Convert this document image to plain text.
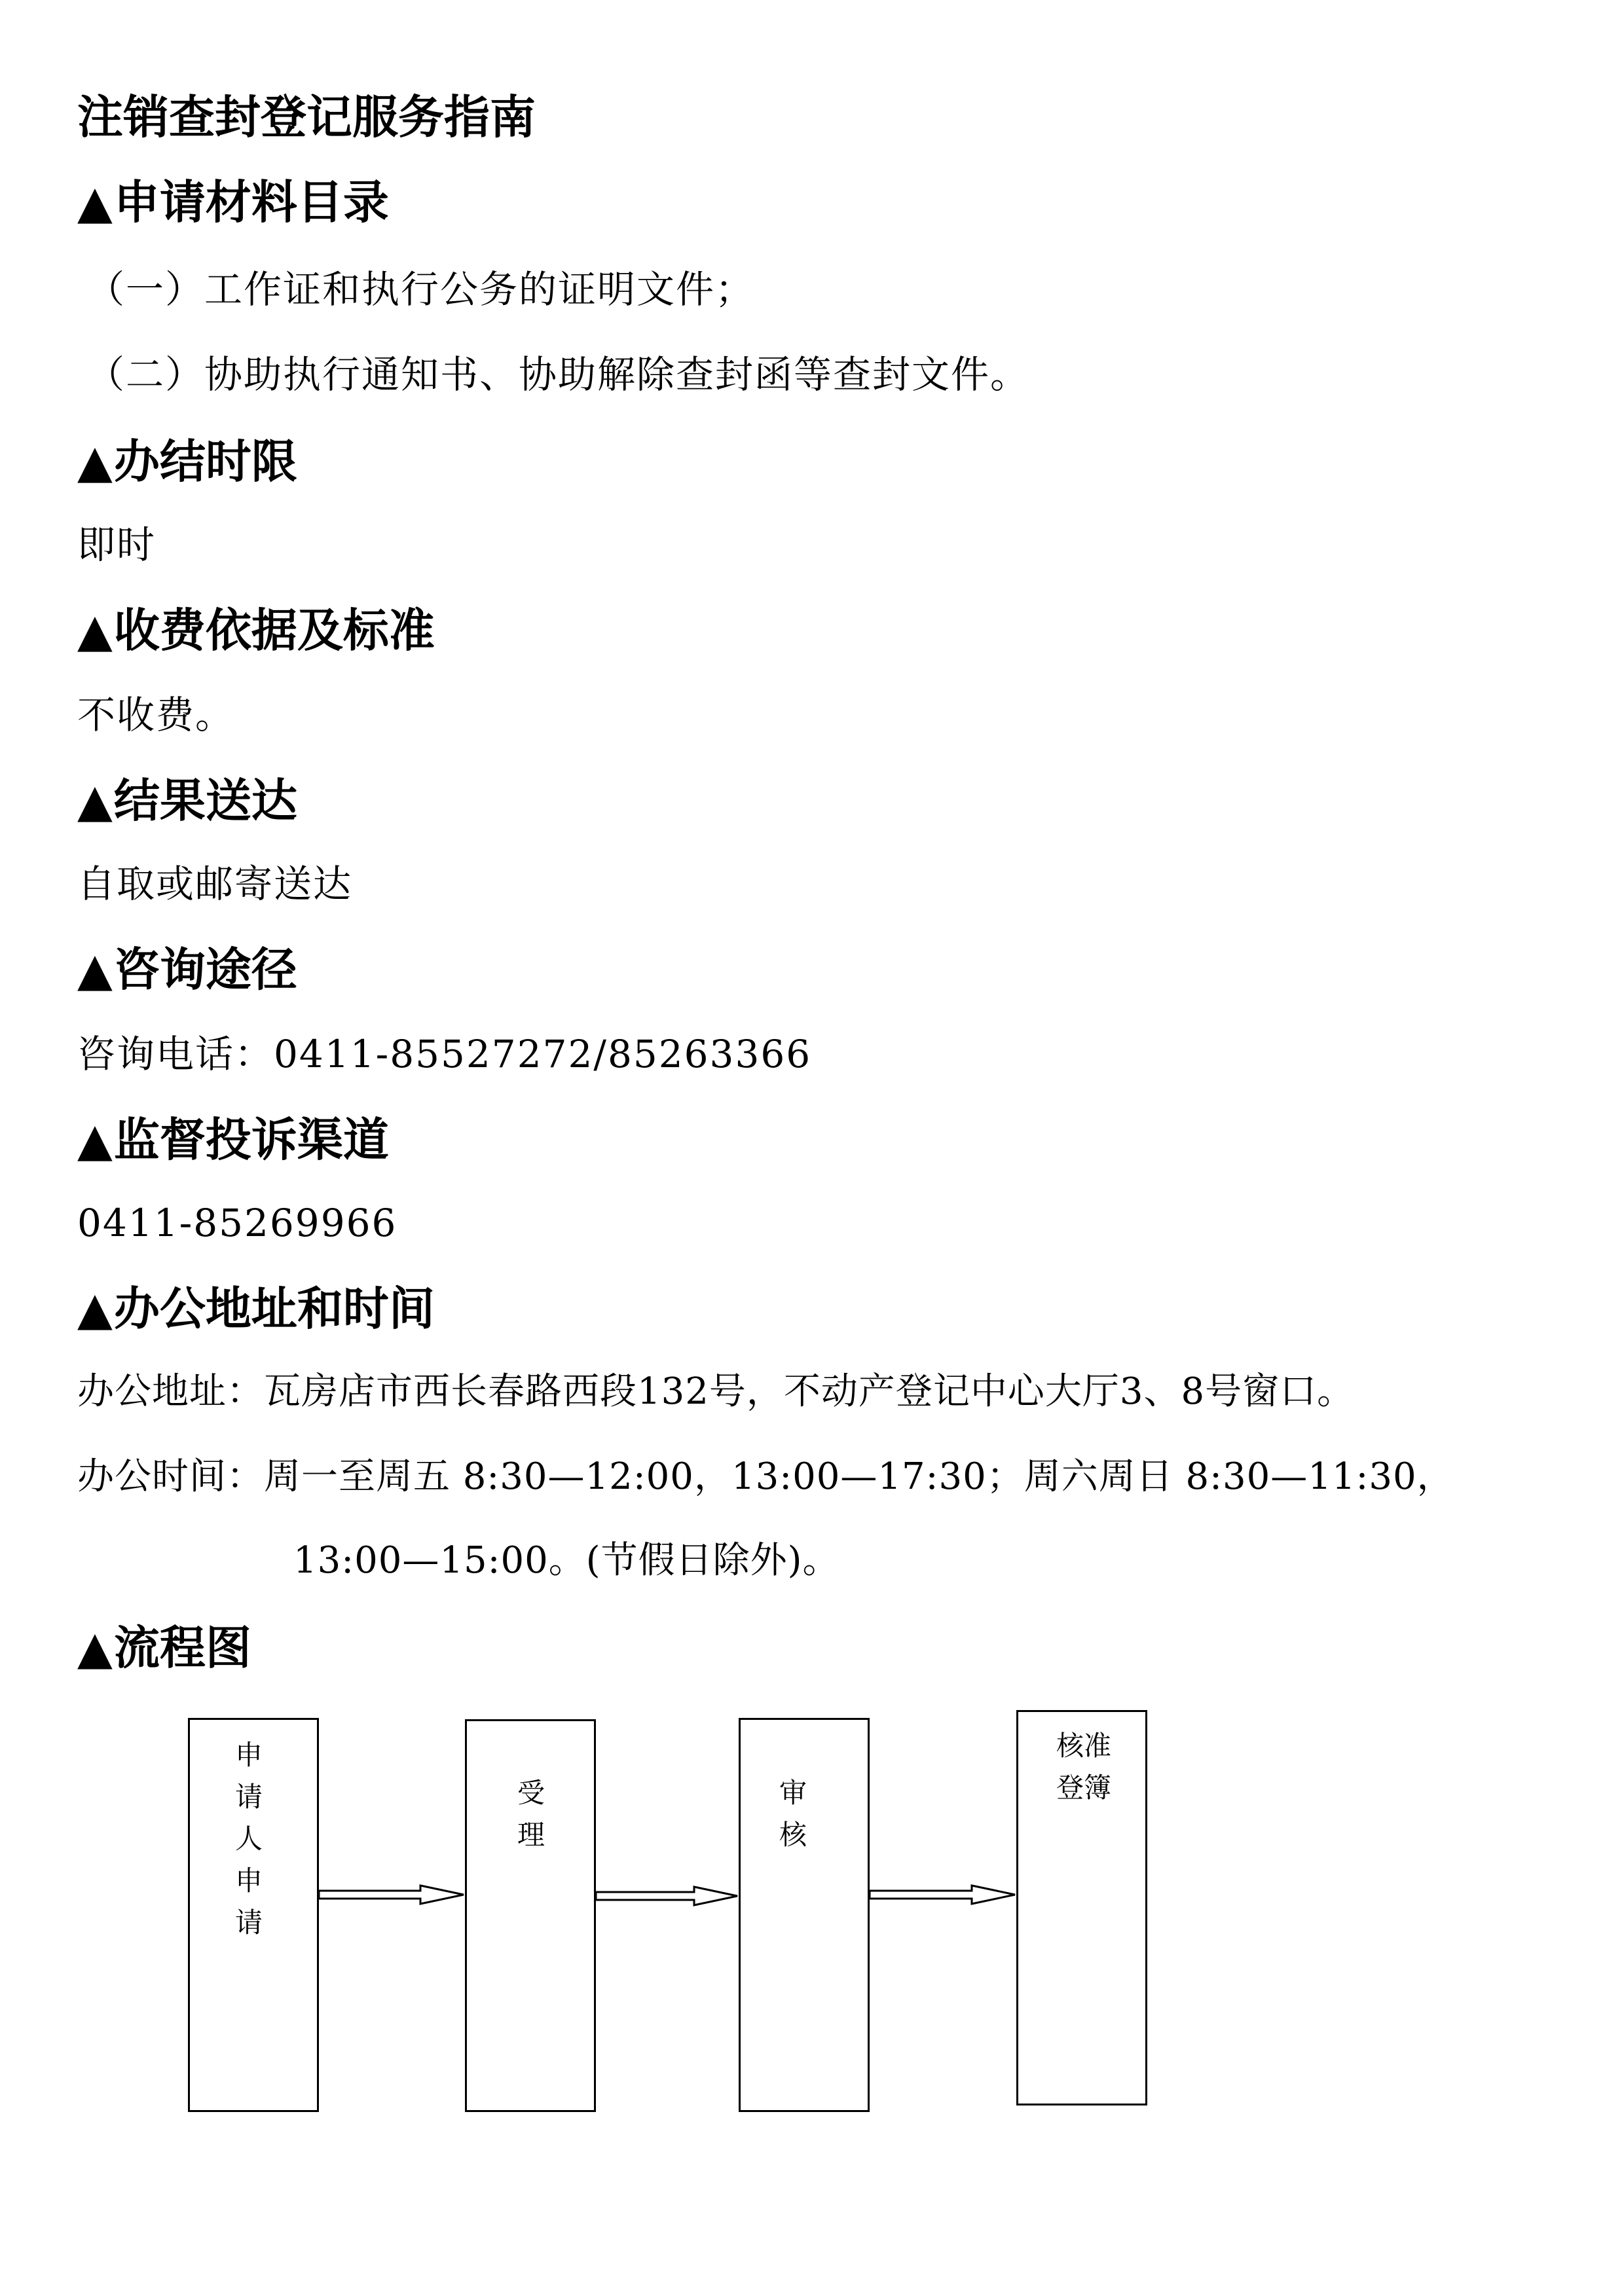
注销查封登记服务指南
▲申请材料目录
（一）工作证和执行公务的证明文件；
（二）协助执行通知书、协助解除查封函等查封文件。
▲办结时限
即时
▲收费依据及标准
不收费。
▲结果送达
自取或邮寄送达
▲咨询途径
咨询电话：0411-85527272/85263366
▲监督投诉渠道
0411-85269966
▲办公地址和时间
办公地址：瓦房店市西长春路西段132号，不动产登记中心大厅3、8号窗口。
办公时间：周一至周五 8:30—12:00，13:00—17:30；周六周日 8:30—11:30，
13:00—15:00。(节假日除外)。
▲流程图
申
请
人
申
请
受
理
审
核
核准
登簿
